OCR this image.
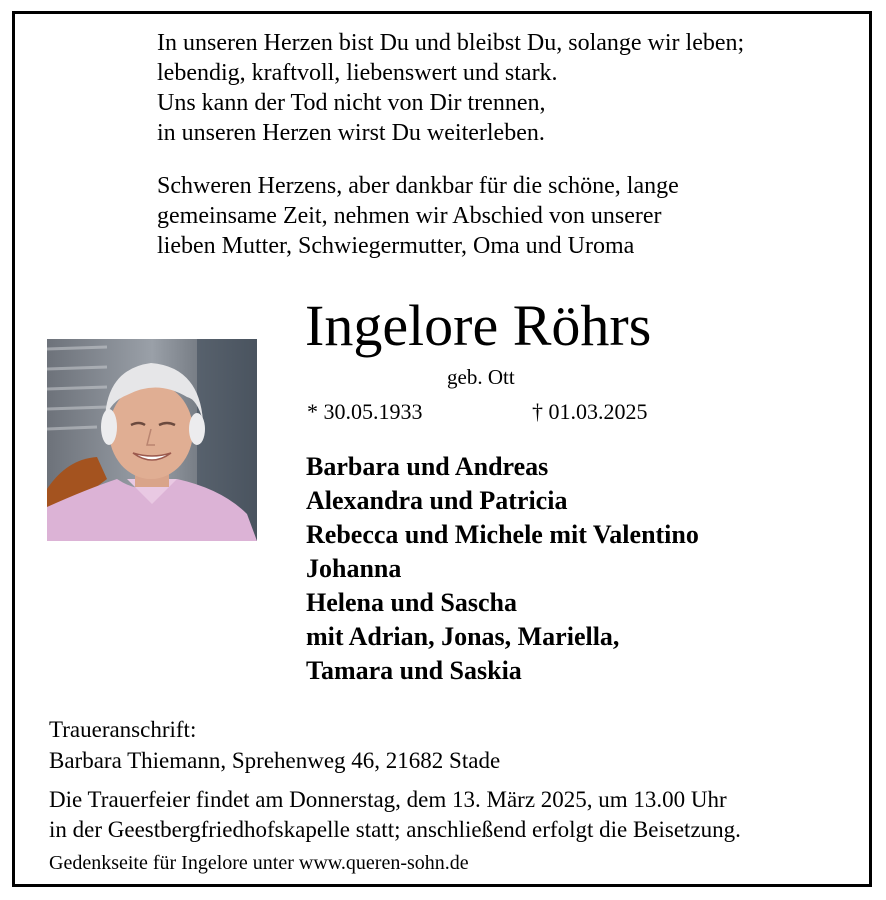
In unseren Herzen bist Du und bleibst Du, solange wir leben;
lebendig, kraftvoll, liebenswert und stark.
Uns kann der Tod nicht von Dir trennen,
in unseren Herzen wirst Du weiterleben.
Schweren Herzens, aber dankbar für die schöne, lange
gemeinsame Zeit, nehmen wir Abschied von unserer
lieben Mutter, Schwiegermutter, Oma und Uroma
Ingelore Röhrs
geb. Ott
* 30.05.1933	† 01.03.2025
Barbara und Andreas
Alexandra und Patricia
Rebecca und Michele mit Valentino
Johanna
Helena und Sascha
mit Adrian, Jonas, Mariella,
Tamara und Saskia
Traueranschrift:
Barbara Thiemann, Sprehenweg 46, 21682 Stade
Die Trauerfeier findet am Donnerstag, dem 13. März 2025, um 13.00 Uhr
in der Geestbergfriedhofskapelle statt; anschließend erfolgt die Beisetzung.
Gedenkseite für Ingelore unter www.queren-sohn.de
